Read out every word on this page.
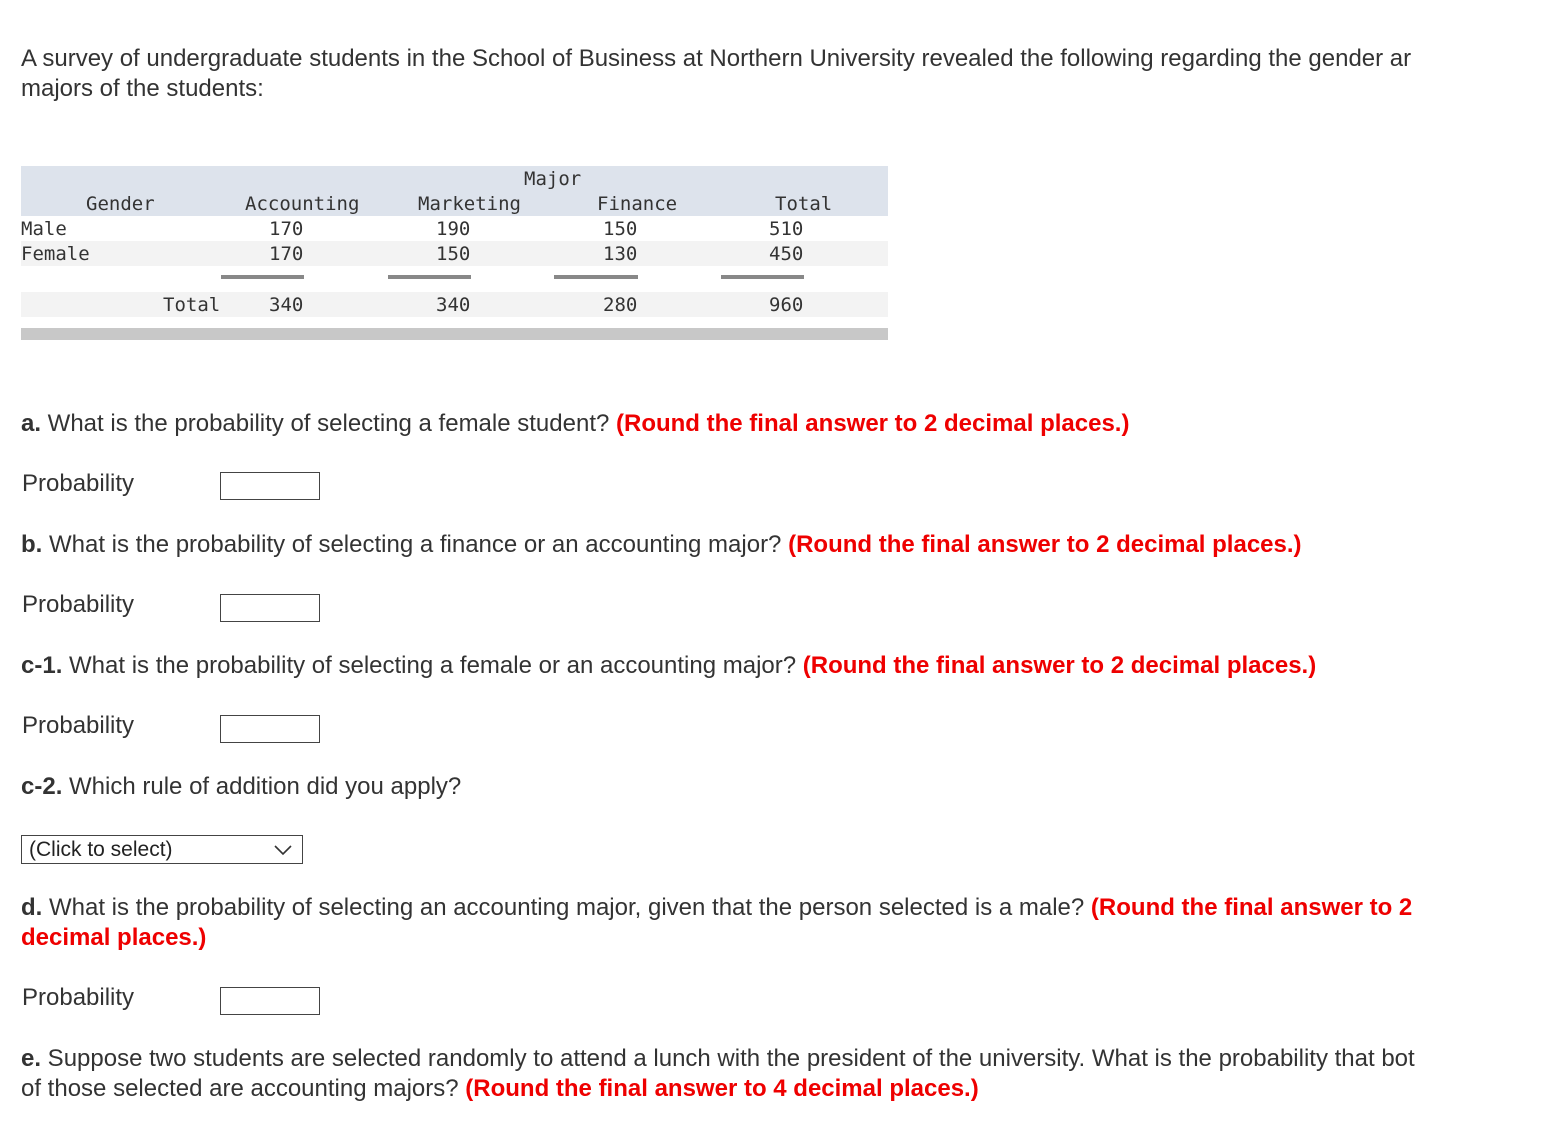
A survey of undergraduate students in the School of Business at Northern University revealed the following regarding the gender ar
majors of the students:
Major
Gender	Accounting	Marketing	Finance	Total
Male	170	190	150	510
Female	170	150	130	450
Total	340	340	280	960
a. What is the probability of selecting a female student? (Round the final answer to 2 decimal places.)
Probability
b. What is the probability of selecting a finance or an accounting major? (Round the final answer to 2 decimal places.)
Probability
c-1. What is the probability of selecting a female or an accounting major? (Round the final answer to 2 decimal places.)
Probability
c-2. Which rule of addition did you apply?
(Click to select)
d. What is the probability of selecting an accounting major, given that the person selected is a male? (Round the final answer to 2
decimal places.)
Probability
e. Suppose two students are selected randomly to attend a lunch with the president of the university. What is the probability that bot
of those selected are accounting majors? (Round the final answer to 4 decimal places.)
